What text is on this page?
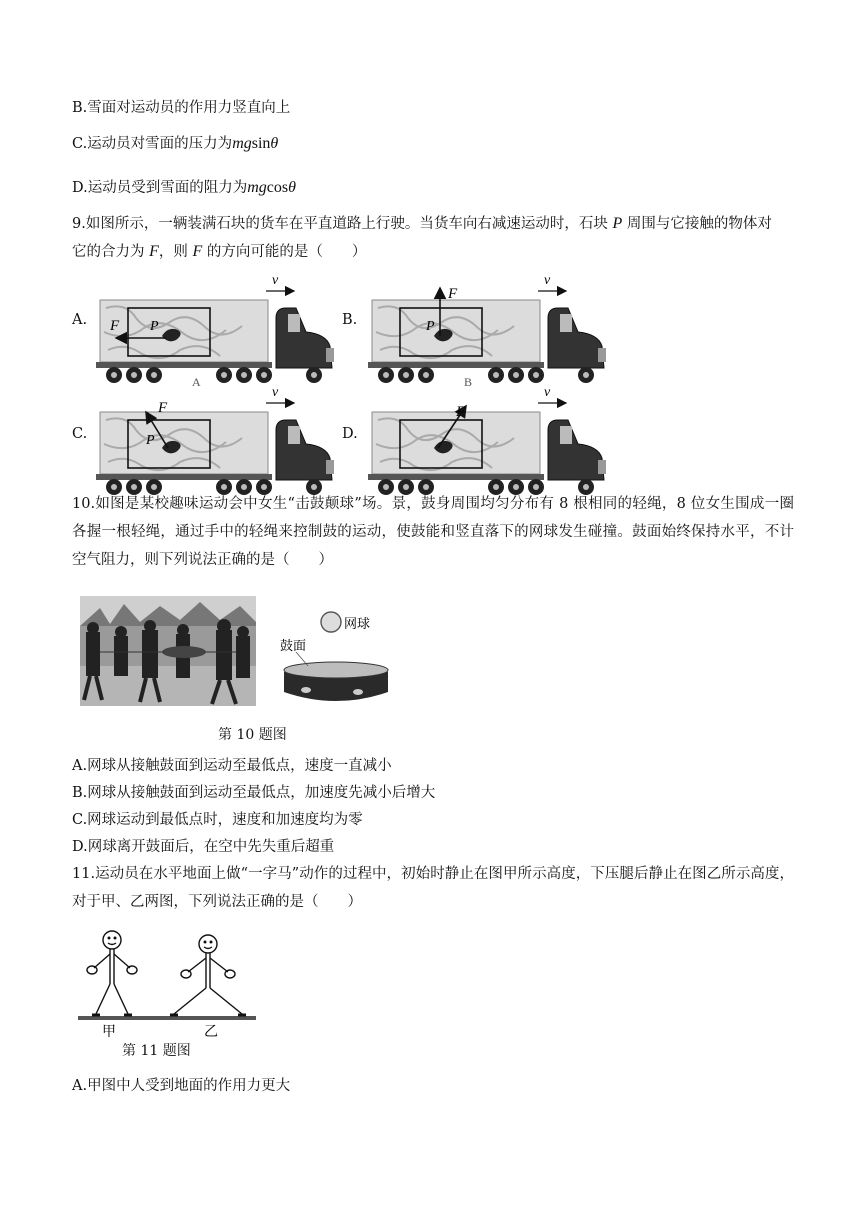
B.雪面对运动员的作用力竖直向上
C.运动员对雪面的压力为mgsinθ
D.运动员受到雪面的阻力为mgcosθ
9.如图所示，一辆装满石块的货车在平直道路上行驶。当货车向右减速运动时，石块 P 周围与它接触的物体对
它的合力为 F，则 F 的方向可能的是（　　）
A.	B.
C.	D.
F P
v
A
F
P
v
B
F
P
v
F
v
网球
鼓面
甲	乙
10.如图是某校趣味运动会中女生“击鼓颠球”场。景，鼓身周围均匀分布有 8 根相同的轻绳，8 位女生围成一圈各握一根轻绳，通过手中的轻绳来控制鼓的运动，使鼓能和竖直落下的网球发生碰撞。鼓面始终保持水平，不计空气阻力，则下列说法正确的是（　　）
第 10 题图
A.网球从接触鼓面到运动至最低点，速度一直减小
B.网球从接触鼓面到运动至最低点，加速度先减小后增大
C.网球运动到最低点时，速度和加速度均为零
D.网球离开鼓面后，在空中先失重后超重
11.运动员在水平地面上做“一字马”动作的过程中，初始时静止在图甲所示高度，下压腿后静止在图乙所示高度，对于甲、乙两图，下列说法正确的是（　　）
第 11 题图
A.甲图中人受到地面的作用力更大
